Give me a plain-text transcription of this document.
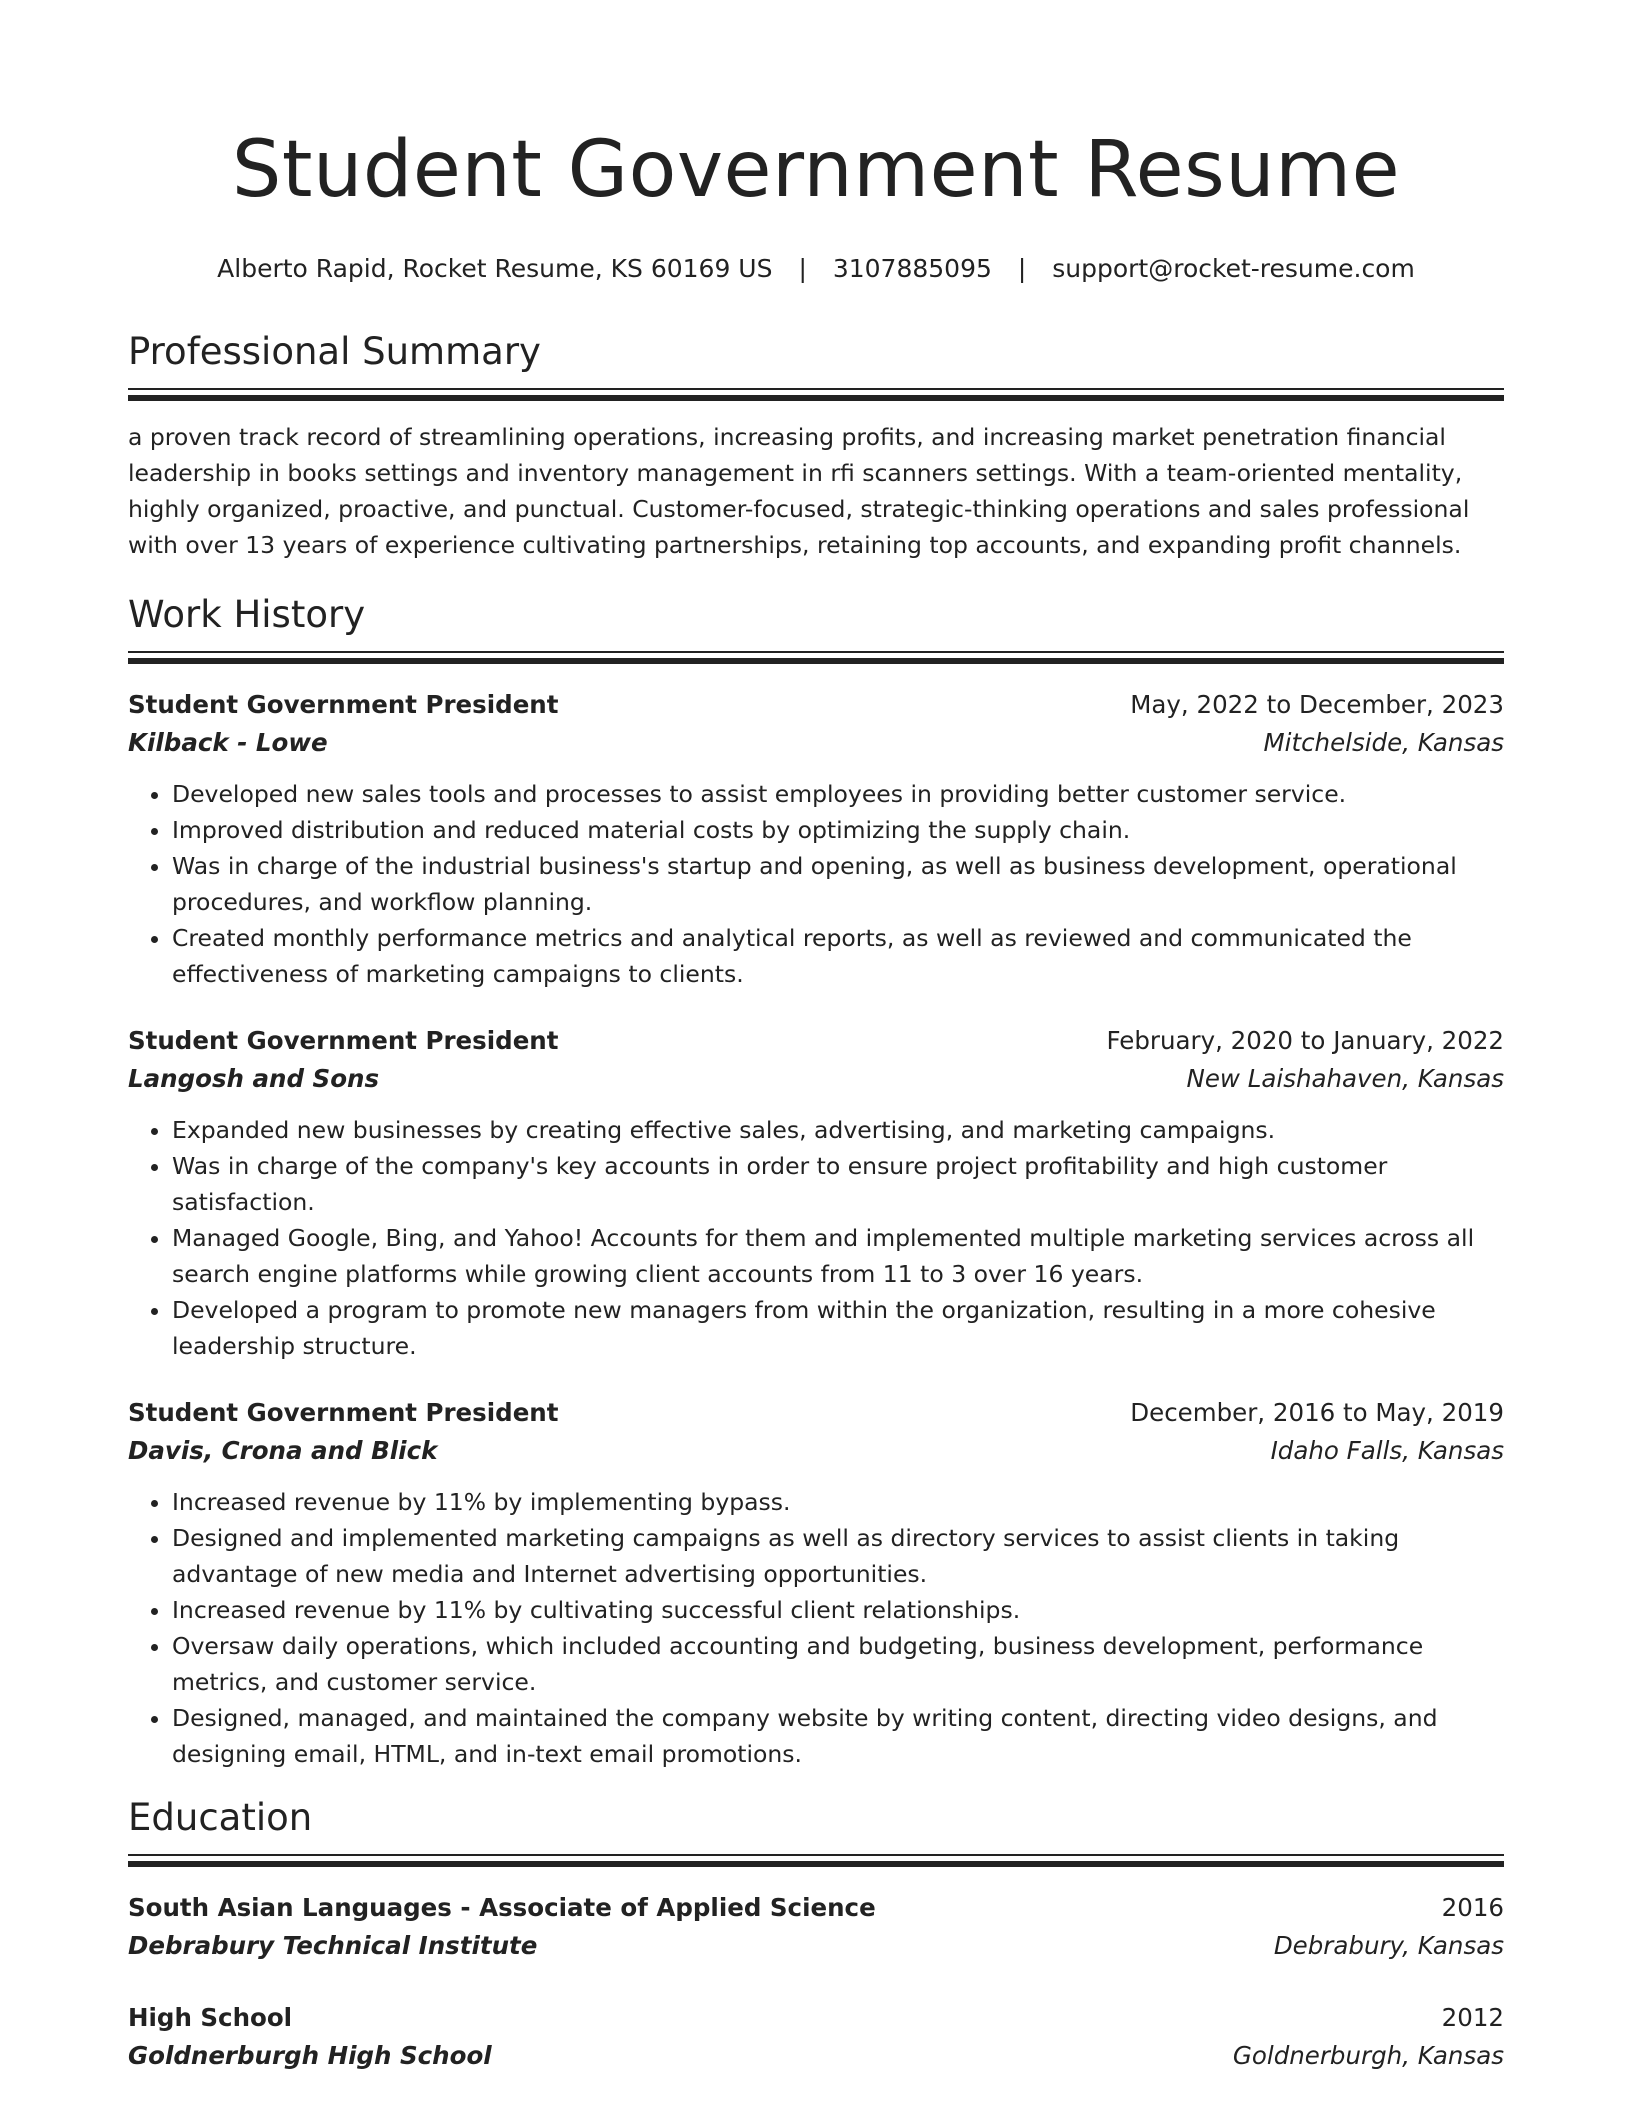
Student Government Resume
Alberto Rapid, Rocket Resume, KS 60169 US | 3107885095 | support@rocket-resume.com
Professional Summary
a proven track record of streamlining operations, increasing profits, and increasing market penetration financial leadership in books settings and inventory management in rfi scanners settings. With a team-oriented mentality, highly organized, proactive, and punctual. Customer-focused, strategic-thinking operations and sales professional with over 13 years of experience cultivating partnerships, retaining top accounts, and expanding profit channels.
Work History
Student Government President	May, 2022 to December, 2023
Kilback - Lowe	Mitchelside, Kansas
• Developed new sales tools and processes to assist employees in providing better customer service.
• Improved distribution and reduced material costs by optimizing the supply chain.
• Was in charge of the industrial business's startup and opening, as well as business development, operational procedures, and workflow planning.
• Created monthly performance metrics and analytical reports, as well as reviewed and communicated the effectiveness of marketing campaigns to clients.
Student Government President	February, 2020 to January, 2022
Langosh and Sons	New Laishahaven, Kansas
• Expanded new businesses by creating effective sales, advertising, and marketing campaigns.
• Was in charge of the company's key accounts in order to ensure project profitability and high customer satisfaction.
• Managed Google, Bing, and Yahoo! Accounts for them and implemented multiple marketing services across all search engine platforms while growing client accounts from 11 to 3 over 16 years.
• Developed a program to promote new managers from within the organization, resulting in a more cohesive leadership structure.
Student Government President	December, 2016 to May, 2019
Davis, Crona and Blick	Idaho Falls, Kansas
• Increased revenue by 11% by implementing bypass.
• Designed and implemented marketing campaigns as well as directory services to assist clients in taking advantage of new media and Internet advertising opportunities.
• Increased revenue by 11% by cultivating successful client relationships.
• Oversaw daily operations, which included accounting and budgeting, business development, performance metrics, and customer service.
• Designed, managed, and maintained the company website by writing content, directing video designs, and designing email, HTML, and in-text email promotions.
Education
South Asian Languages - Associate of Applied Science	2016
Debrabury Technical Institute	Debrabury, Kansas
High School	2012
Goldnerburgh High School	Goldnerburgh, Kansas
